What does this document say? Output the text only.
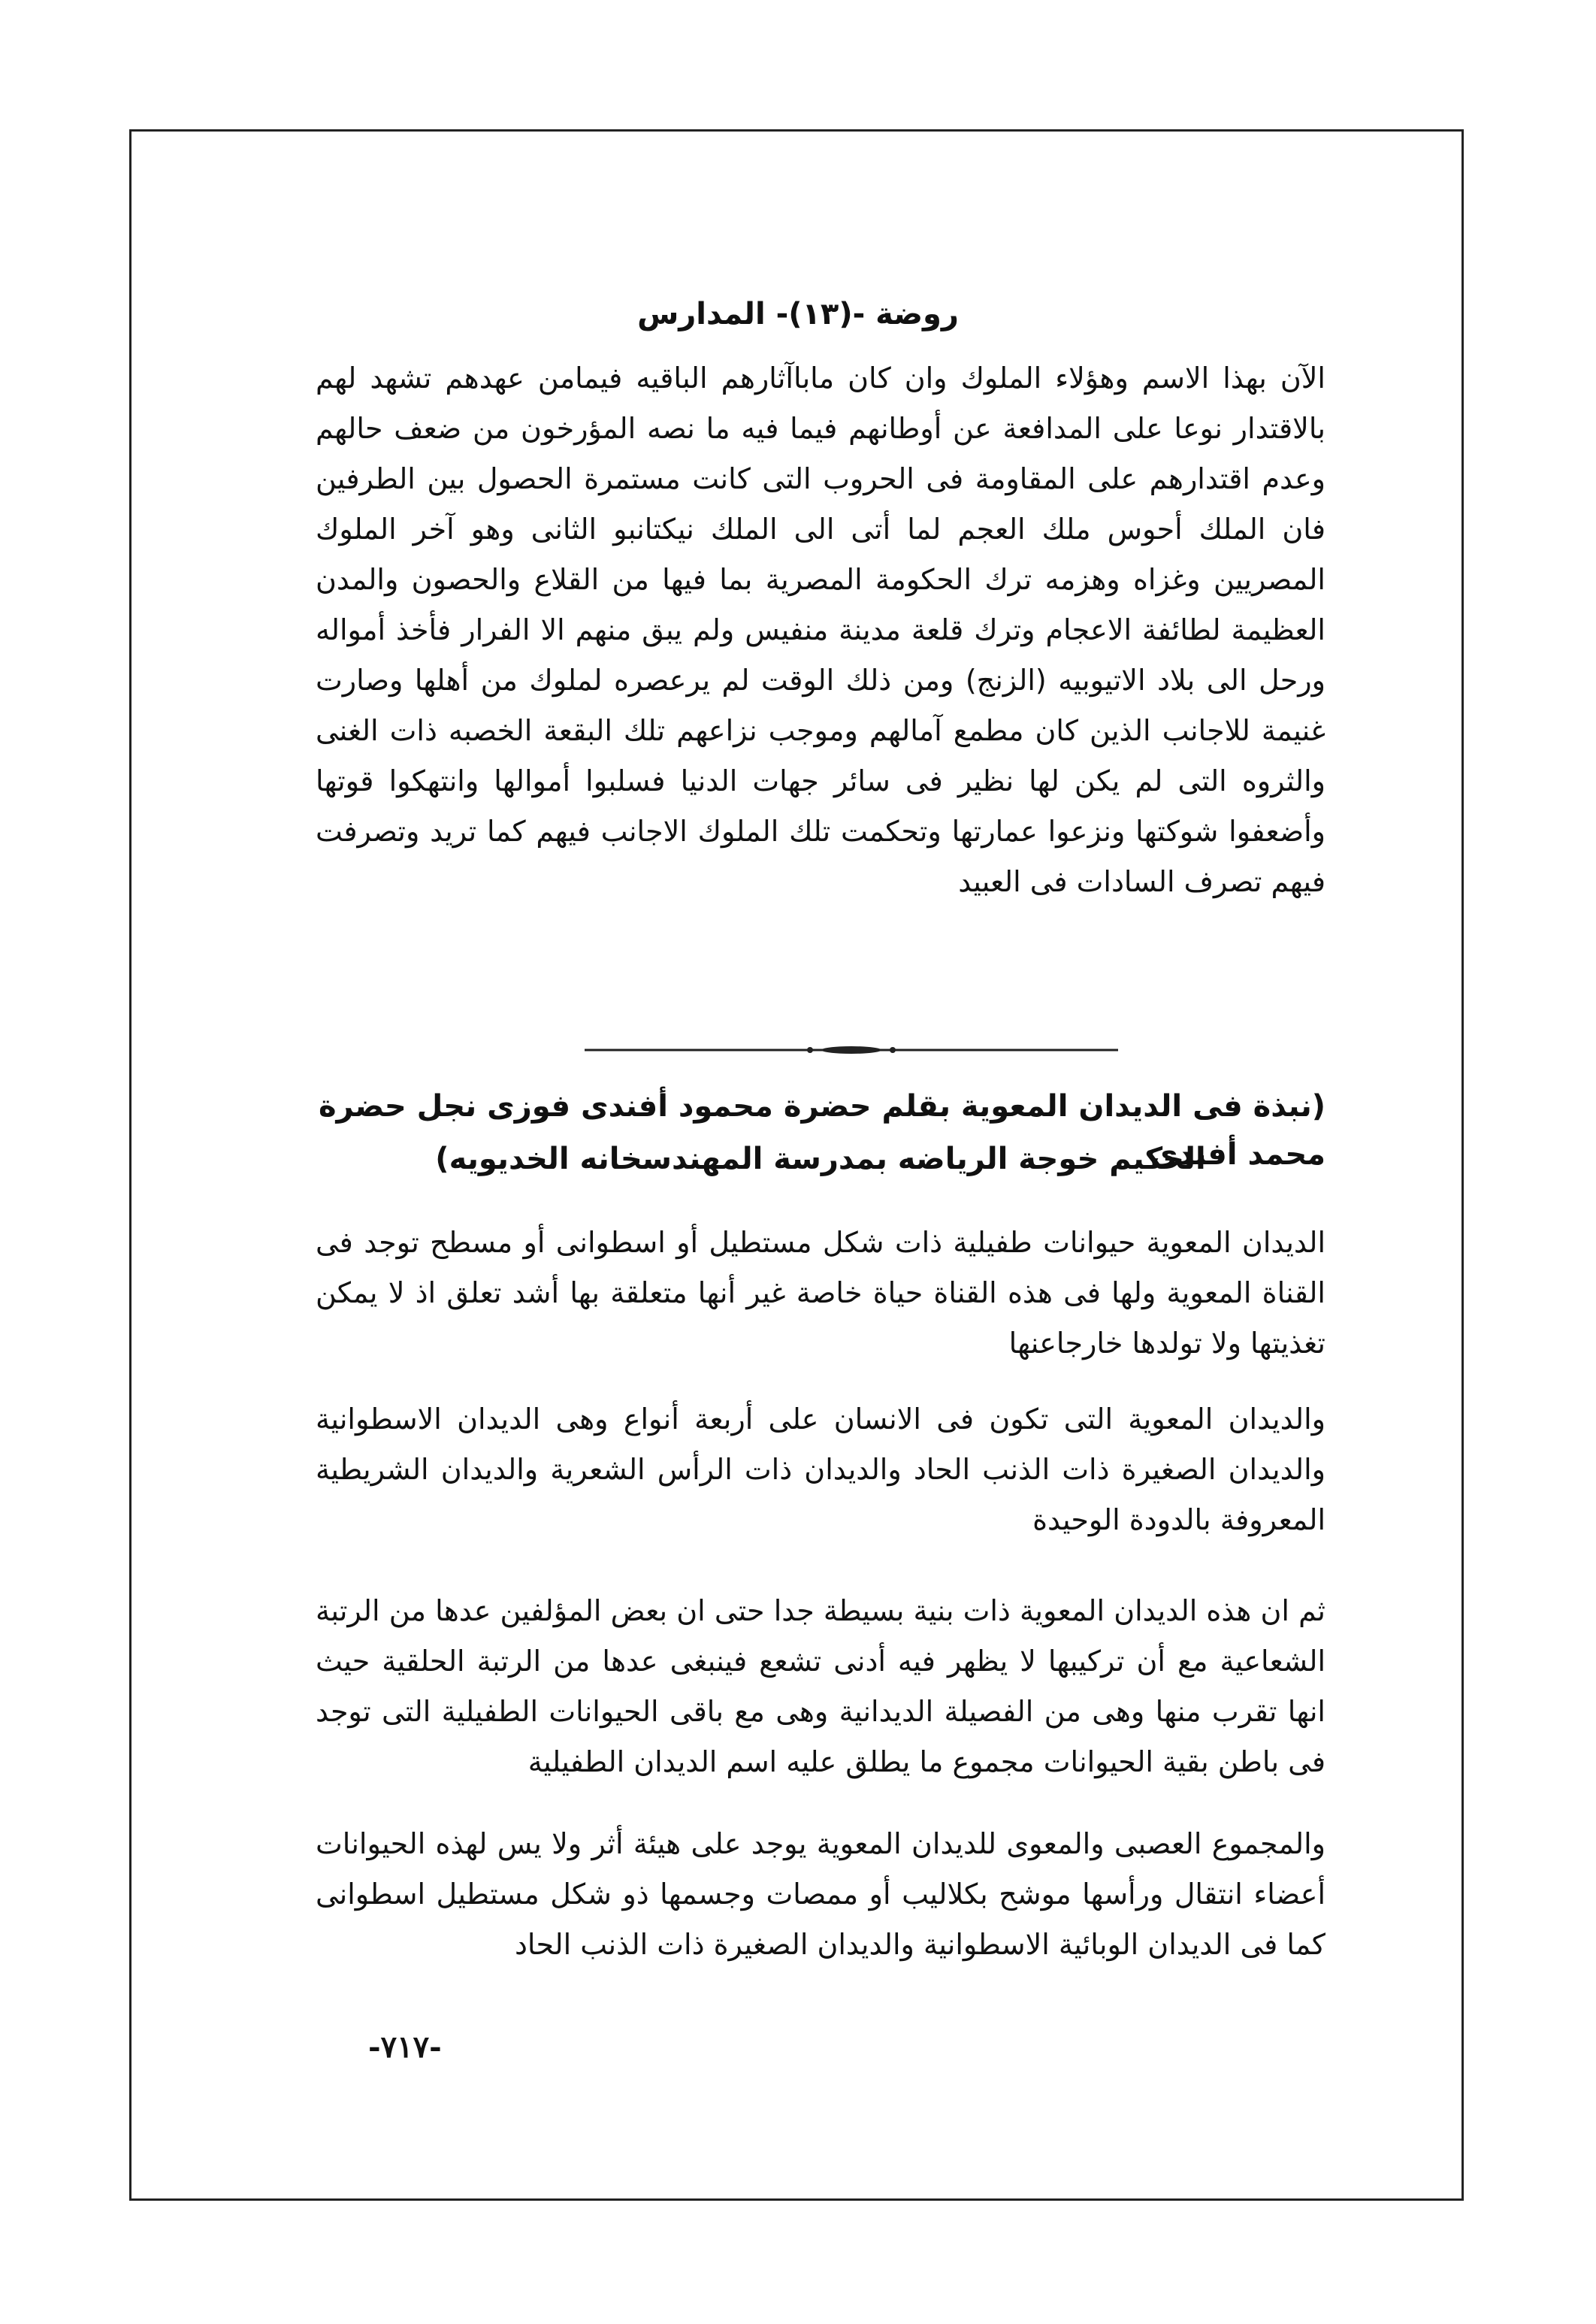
روضة -(١٣)- المدارس
الآن بهذا الاسم وهؤلاء الملوك وان كان ماباآثارهم الباقيه فيمامن عهدهم تشهد لهم بالاقتدار نوعا على المدافعة عن أوطانهم فيما فيه ما نصه المؤرخون من ضعف حالهم وعدم اقتدارهم على المقاومة فى الحروب التى كانت مستمرة الحصول بين الطرفين فان الملك أحوس ملك العجم لما أتى الى الملك نيكتانبو الثانى وهو آخر الملوك المصريين وغزاه وهزمه ترك الحكومة المصرية بما فيها من القلاع والحصون والمدن العظيمة لطائفة الاعجام وترك قلعة مدينة منفيس ولم يبق منهم الا الفرار فأخذ أمواله ورحل الى بلاد الاتيوبيه (الزنج) ومن ذلك الوقت لم يرعصره لملوك من أهلها وصارت غنيمة للاجانب الذين كان مطمع آمالهم وموجب نزاعهم تلك البقعة الخصبه ذات الغنى والثروه التى لم يكن لها نظير فى سائر جهات الدنيا فسلبوا أموالها وانتهكوا قوتها وأضعفوا شوكتها ونزعوا عمارتها وتحكمت تلك الملوك الاجانب فيهم كما تريد وتصرفت فيهم تصرف السادات فى العبيد
(نبذة فى الديدان المعوية بقلم حضرة محمود أفندى فوزى نجل حضرة محمد أفندى
الحكيم خوجة الرياضه بمدرسة المهندسخانه الخديويه)
الديدان المعوية حيوانات طفيلية ذات شكل مستطيل أو اسطوانى أو مسطح توجد فى القناة المعوية ولها فى هذه القناة حياة خاصة غير أنها متعلقة بها أشد تعلق اذ لا يمكن تغذيتها ولا تولدها خارجاعنها
والديدان المعوية التى تكون فى الانسان على أربعة أنواع وهى الديدان الاسطوانية والديدان الصغيرة ذات الذنب الحاد والديدان ذات الرأس الشعرية والديدان الشريطية المعروفة بالدودة الوحيدة
ثم ان هذه الديدان المعوية ذات بنية بسيطة جدا حتى ان بعض المؤلفين عدها من الرتبة الشعاعية مع أن تركيبها لا يظهر فيه أدنى تشعع فينبغى عدها من الرتبة الحلقية حيث انها تقرب منها وهى من الفصيلة الديدانية وهى مع باقى الحيوانات الطفيلية التى توجد فى باطن بقية الحيوانات مجموع ما يطلق عليه اسم الديدان الطفيلية
والمجموع العصبى والمعوى للديدان المعوية يوجد على هيئة أثر ولا يس لهذه الحيوانات أعضاء انتقال ورأسها موشح بكلاليب أو ممصات وجسمها ذو شكل مستطيل اسطوانى كما فى الديدان الوبائية الاسطوانية والديدان الصغيرة ذات الذنب الحاد
-٧١٧-
